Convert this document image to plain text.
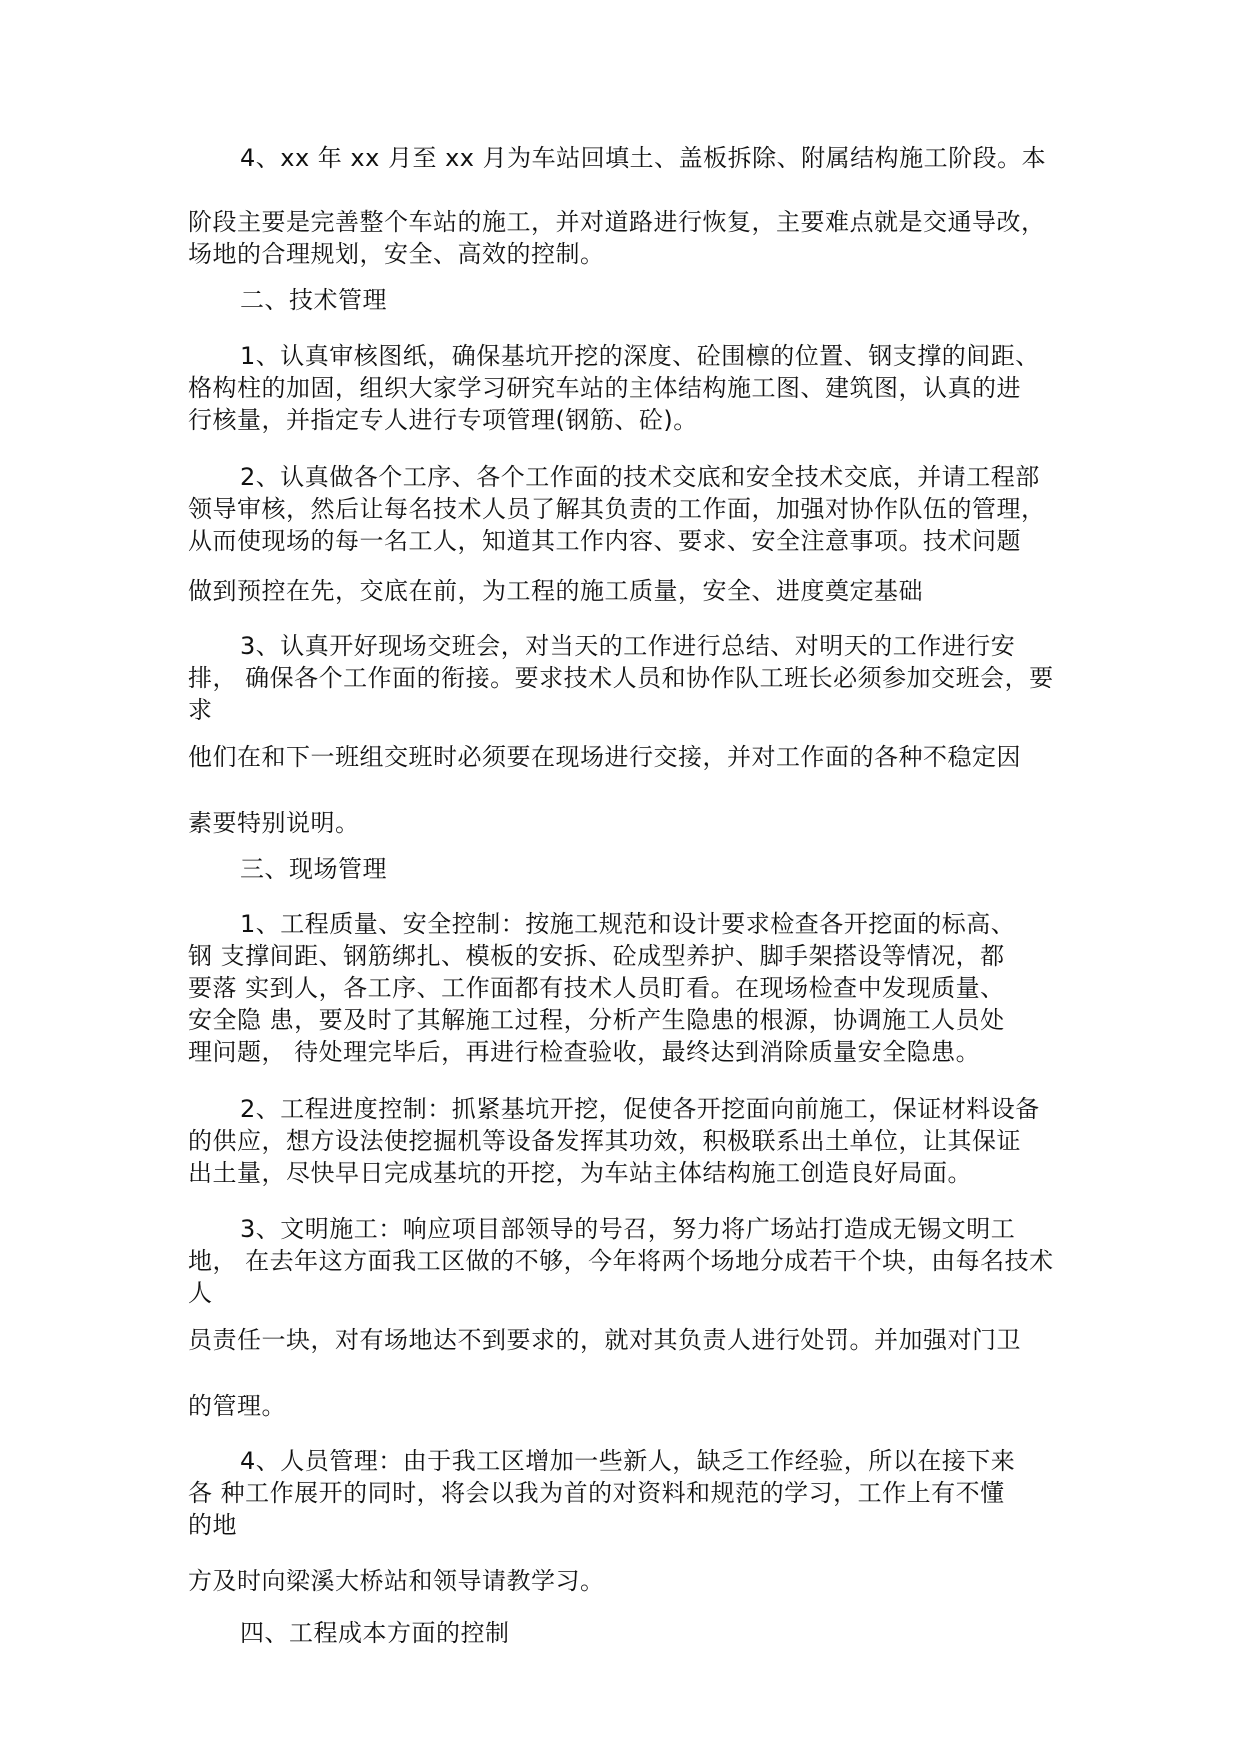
4、xx 年 xx 月至 xx 月为车站回填土、盖板拆除、附属结构施工阶段。本

阶段主要是完善整个车站的施工，并对道路进行恢复，主要难点就是交通导改，

场地的合理规划，安全、高效的控制。

二、技术管理

1、认真审核图纸，确保基坑开挖的深度、砼围檩的位置、钢支撑的间距、

格构柱的加固，组织大家学习研究车站的主体结构施工图、建筑图，认真的进

行核量，并指定专人进行专项管理(钢筋、砼)。

2、认真做各个工序、各个工作面的技术交底和安全技术交底，并请工程部

领导审核，然后让每名技术人员了解其负责的工作面，加强对协作队伍的管理，

从而使现场的每一名工人，知道其工作内容、要求、安全注意事项。技术问题

做到预控在先，交底在前，为工程的施工质量，安全、进度奠定基础

3、认真开好现场交班会，对当天的工作进行总结、对明天的工作进行安

排， 确保各个工作面的衔接。要求技术人员和协作队工班长必须参加交班会，要

求

他们在和下一班组交班时必须要在现场进行交接，并对工作面的各种不稳定因

素要特别说明。

三、现场管理

1、工程质量、安全控制：按施工规范和设计要求检查各开挖面的标高、

钢 支撑间距、钢筋绑扎、模板的安拆、砼成型养护、脚手架搭设等情况，都

要落 实到人，各工序、工作面都有技术人员盯看。在现场检查中发现质量、

安全隐 患，要及时了其解施工过程，分析产生隐患的根源，协调施工人员处

理问题， 待处理完毕后，再进行检查验收，最终达到消除质量安全隐患。

2、工程进度控制：抓紧基坑开挖，促使各开挖面向前施工，保证材料设备

的供应，想方设法使挖掘机等设备发挥其功效，积极联系出土单位，让其保证

出土量，尽快早日完成基坑的开挖，为车站主体结构施工创造良好局面。

3、文明施工：响应项目部领导的号召，努力将广场站打造成无锡文明工

地， 在去年这方面我工区做的不够，今年将两个场地分成若干个块，由每名技术

人

员责任一块，对有场地达不到要求的，就对其负责人进行处罚。并加强对门卫

的管理。

4、人员管理：由于我工区增加一些新人，缺乏工作经验，所以在接下来

各 种工作展开的同时，将会以我为首的对资料和规范的学习，工作上有不懂

的地

方及时向梁溪大桥站和领导请教学习。

四、工程成本方面的控制
